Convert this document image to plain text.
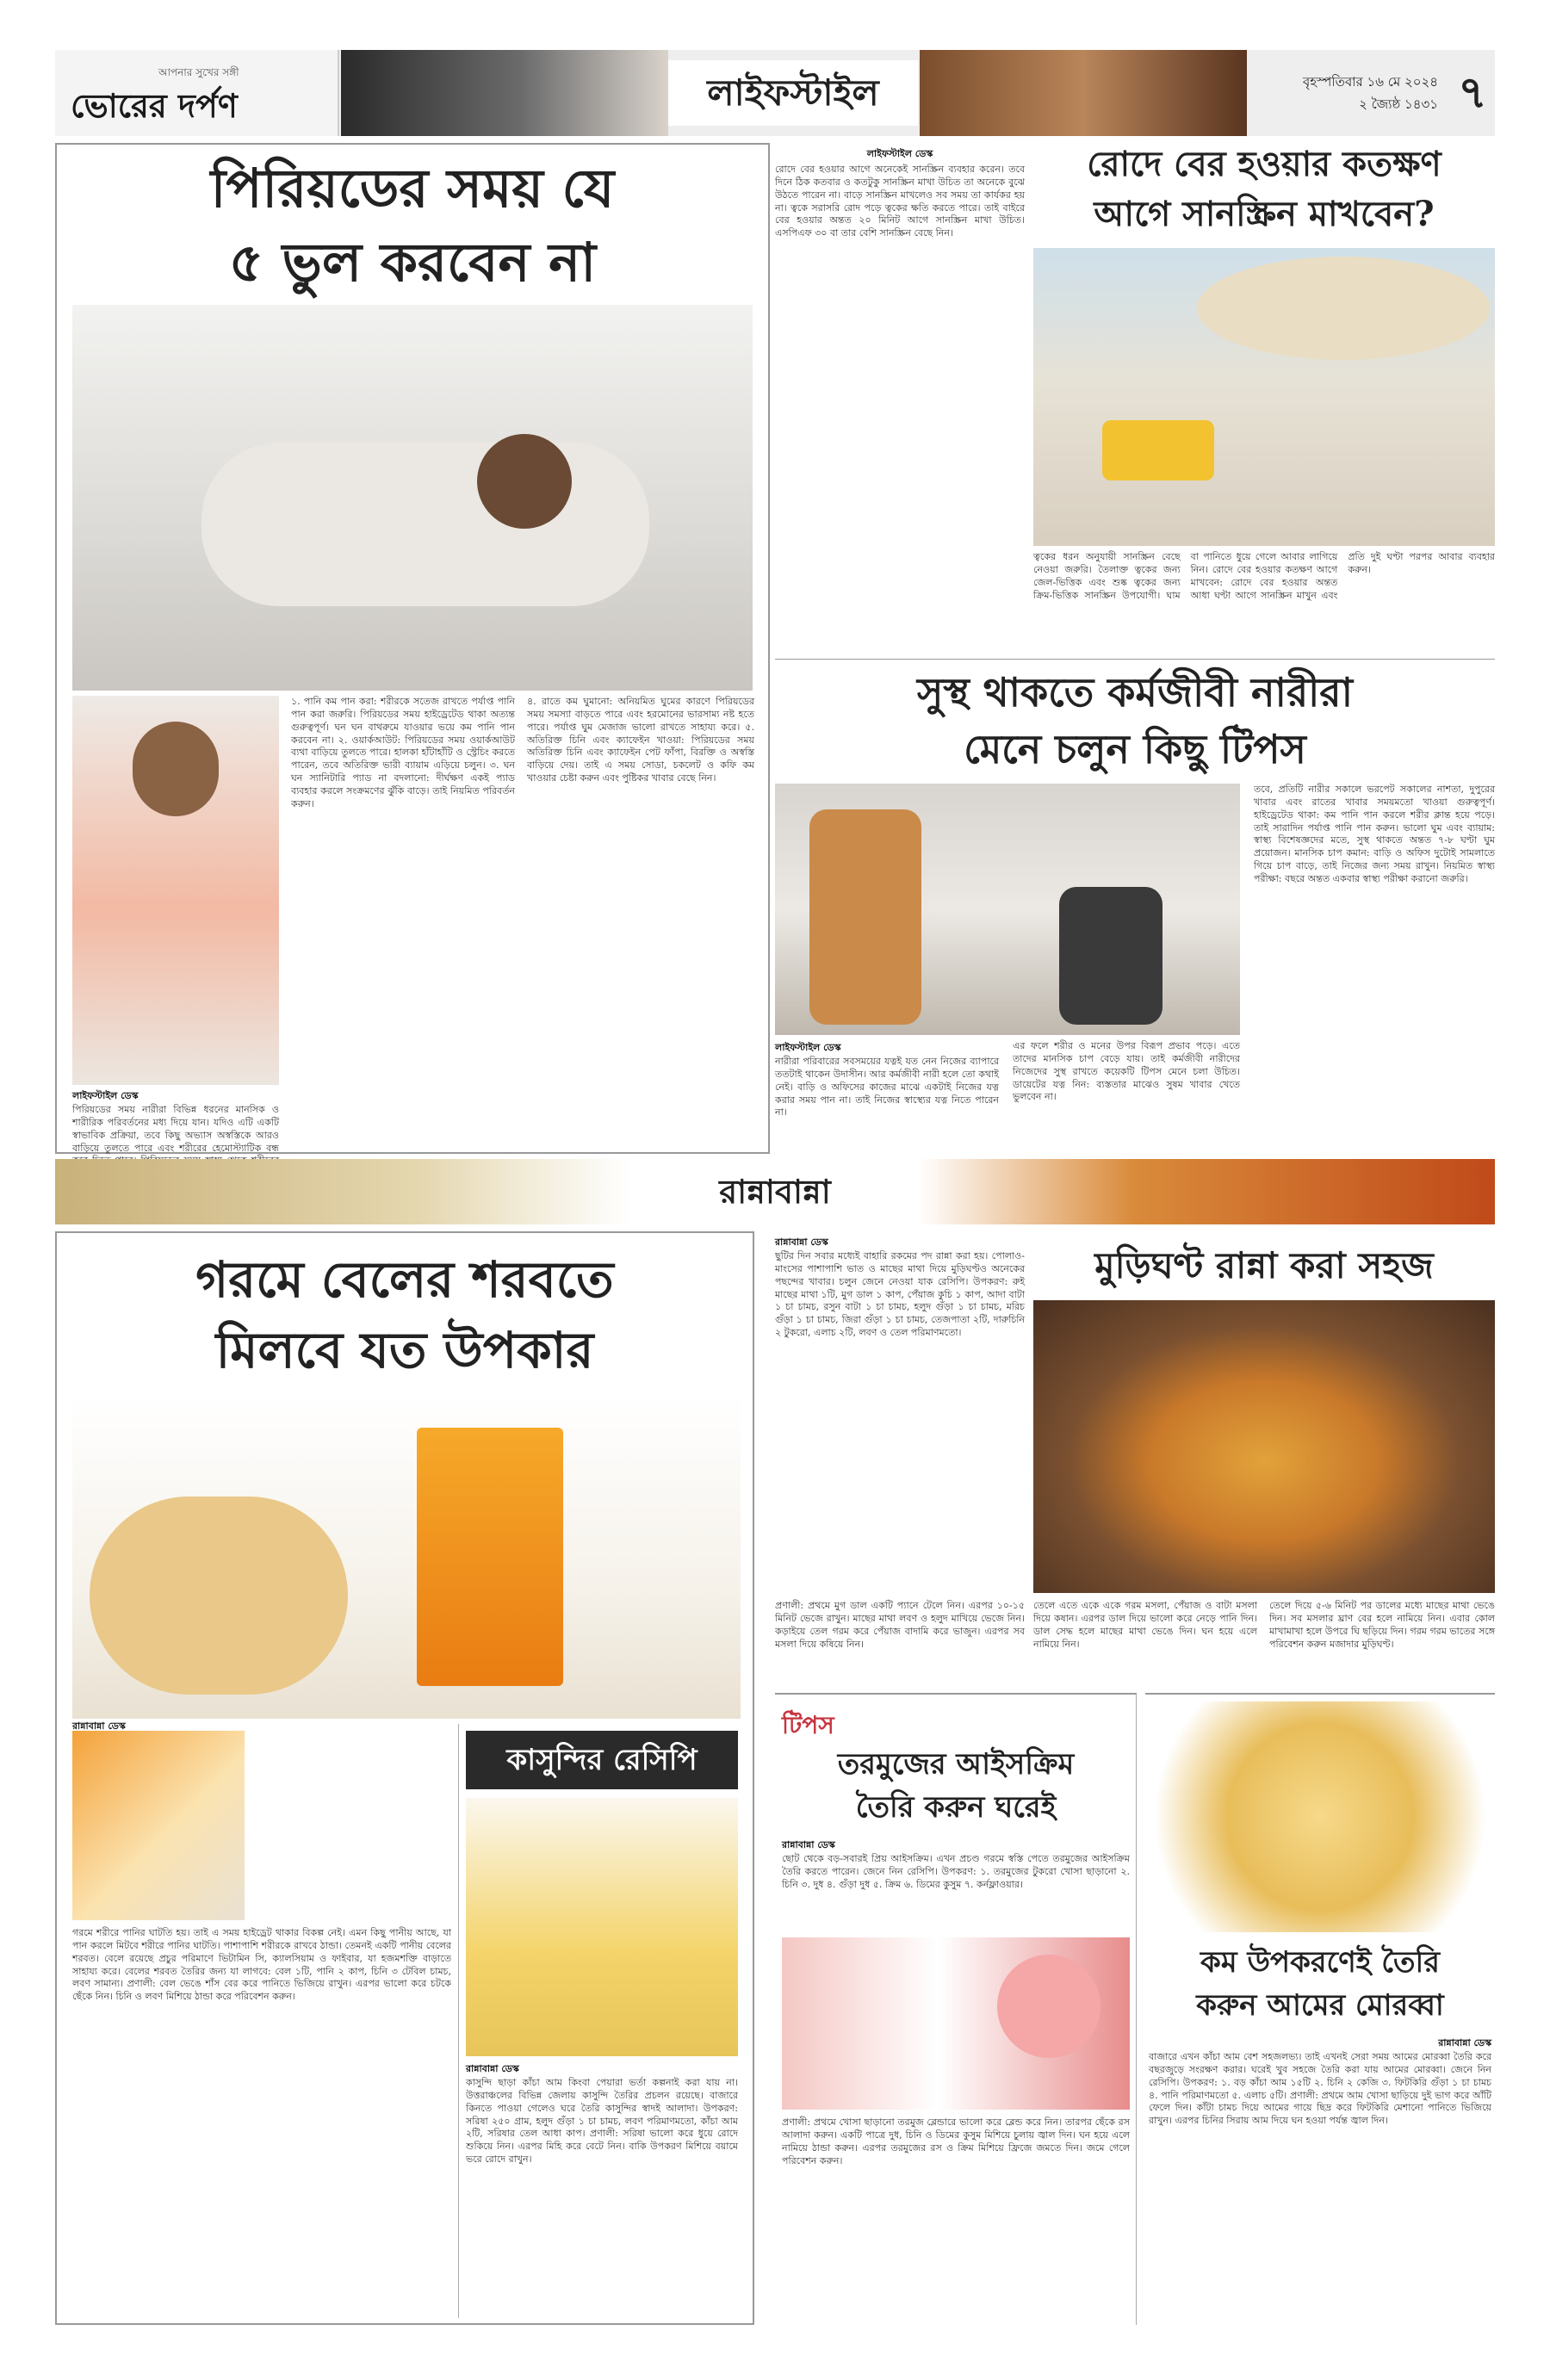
আপনার সুখের সঙ্গী
ভোরের দর্পণ	লাইফস্টাইল	বৃহস্পতিবার ১৬ মে ২০২৪
২ জ্যৈষ্ঠ ১৪৩১ ৭
পিরিয়ডের সময় যে
৫ ভুল করবেন না
লাইফস্টাইল ডেস্ক
পিরিয়ডের সময় নারীরা বিভিন্ন ধরনের মানসিক ও শারীরিক পরিবর্তনের মধ্য দিয়ে যান। যদিও এটি একটি স্বাভাবিক প্রক্রিয়া, তবে কিছু অভ্যাস অস্বস্তিকে আরও বাড়িয়ে তুলতে পারে এবং শরীরের হেমোস্ট্যাটিক বন্ধ
১. পানি কম পান করা: শরীরকে সতেজ রাখতে পর্যাপ্ত পানি পান করা জরুরি। পিরিয়ডের সময় হাইড্রেটেড থাকা অত্যন্ত গুরুত্বপূর্ণ। ঘন ঘন বাথরুমে যাওয়ার ভয়ে কম পানি পান করবেন না। ২. ওয়ার্কআউট: পিরিয়ডের সময় ওয়ার্কআউট ব্যথা বাড়িয়ে তুলতে পারে। হালকা হাঁটাহাঁটি ও স্ট্রেচিং করতে পারেন, তবে অতিরিক্ত ভারী ব্যায়াম এড়িয়ে চলুন। ৩. ঘন ঘন স্যানিটারি প্যাড না বদলানো: দীর্ঘক্ষণ একই প্যাড ব্যবহার করলে সংক্রমণের ঝুঁকি বাড়ে। তাই নিয়মিত পরিবর্তন করুন।
৪. রাতে কম ঘুমানো: অনিয়মিত ঘুমের কারণে পিরিয়ডের সময় সমস্যা বাড়তে পারে এবং হরমোনের ভারসাম্য নষ্ট হতে পারে। পর্যাপ্ত ঘুম মেজাজ ভালো রাখতে সাহায্য করে। ৫. অতিরিক্ত চিনি এবং ক্যাফেইন খাওয়া: পিরিয়ডের সময় অতিরিক্ত চিনি এবং ক্যাফেইন পেট ফাঁপা, বিরক্তি ও অস্বস্তি বাড়িয়ে দেয়। তাই এ সময় সোডা, চকলেট ও কফি কম খাওয়ার চেষ্টা করুন এবং পুষ্টিকর খাবার বেছে নিন।
লাইফস্টাইল ডেস্ক
রোদে বের হওয়ার আগে অনেকেই সানস্ক্রিন ব্যবহার করেন। তবে দিনে ঠিক কতবার ও কতটুকু সানস্ক্রিন মাখা উচিত তা অনেকে বুঝে উঠতে পারেন না। বাড়ে সানস্ক্রিন মাখলেও সব সময় তা কার্যকর হয় না। ত্বকে সরাসরি রোদ পড়ে ত্বকের ক্ষতি করতে পারে। তাই বাইরে বের হওয়ার অন্তত ২০ মিনিট আগে সানস্ক্রিন মাখা উচিত। এসপিএফ ৩০ বা তার বেশি সানস্ক্রিন বেছে নিন।
রোদে বের হওয়ার কতক্ষণ
আগে সানস্ক্রিন মাখবেন?
ত্বকের ধরন অনুযায়ী সানস্ক্রিন বেছে নেওয়া জরুরি। তৈলাক্ত ত্বকের জন্য জেল-ভিত্তিক এবং শুষ্ক ত্বকের জন্য ক্রিম-ভিত্তিক সানস্ক্রিন উপযোগী। ঘাম বা পানিতে ধুয়ে গেলে আবার লাগিয়ে নিন। রোদে বের হওয়ার কতক্ষণ আগে মাখবেন: রোদে বের হওয়ার অন্তত আধা ঘণ্টা আগে সানস্ক্রিন মাখুন এবং প্রতি দুই ঘণ্টা পরপর আবার ব্যবহার করুন।
সুস্থ থাকতে কর্মজীবী নারীরা
মেনে চলুন কিছু টিপস
লাইফস্টাইল ডেস্ক
নারীরা পরিবারের সবসময়ের যত্নই যত নেন নিজের ব্যাপারে ততটাই থাকেন উদাসীন। আর কর্মজীবী নারী হলে তো কথাই নেই। বাড়ি ও অফিসের কাজের মাঝে একটাই নিজের যত্ন করার সময় পান না। তাই নিজের স্বাস্থ্যের যত্ন নিতে পারেন না।
এর ফলে শরীর ও মনের উপর বিরূপ প্রভাব পড়ে। এতে তাদের মানসিক চাপ বেড়ে যায়। তাই কর্মজীবী নারীদের নিজেদের সুস্থ রাখতে কয়েকটি টিপস মেনে চলা উচিত। ডায়েটের যত্ন নিন: ব্যস্ততার মাঝেও সুষম খাবার খেতে ভুলবেন না।
তবে, প্রতিটি নারীর সকালে ভরপেট সকালের নাশতা, দুপুরের খাবার এবং রাতের খাবার সময়মতো খাওয়া গুরুত্বপূর্ণ। হাইড্রেটেড থাকা: কম পানি পান করলে শরীর ক্লান্ত হয়ে পড়ে। তাই সারাদিন পর্যাপ্ত পানি পান করুন। ভালো ঘুম এবং ব্যায়াম: স্বাস্থ্য বিশেষজ্ঞদের মতে, সুস্থ থাকতে অন্তত ৭-৮ ঘণ্টা ঘুম প্রয়োজন। মানসিক চাপ কমান: বাড়ি ও অফিস দুটোই সামলাতে গিয়ে চাপ বাড়ে, তাই নিজের জন্য সময় রাখুন। নিয়মিত স্বাস্থ্য পরীক্ষা: বছরে অন্তত একবার স্বাস্থ্য পরীক্ষা করানো জরুরি।
রান্নাবান্না
গরমে বেলের শরবতে
মিলবে যত উপকার
রান্নাবান্না ডেস্ক
গরমে শরীরে পানির ঘাটতি হয়। তাই এ সময় হাইড্রেট থাকার বিকল্প নেই। এমন কিছু পানীয় আছে, যা পান করলে মিটবে শরীরে পানির ঘাটতি। পাশাপাশি শরীরকে রাখবে ঠান্ডা। তেমনই একটি পানীয় বেলের শরবত। বেলে রয়েছে প্রচুর পরিমাণে ভিটামিন সি, ক্যালসিয়াম ও ফাইবার, যা হজমশক্তি বাড়াতে সাহায্য করে। বেলের শরবত তৈরির জন্য যা লাগবে: বেল ১টি, পানি ২ কাপ, চিনি ৩ টেবিল চামচ, লবণ সামান্য। প্রণালী: বেল ভেঙে শাঁস বের করে পানিতে ভিজিয়ে রাখুন। এরপর ভালো করে চটকে ছেঁকে নিন। চিনি ও লবণ মিশিয়ে ঠান্ডা করে পরিবেশন করুন।
কাসুন্দির রেসিপি
রান্নাবান্না ডেস্ক
কাসুন্দি ছাড়া কাঁচা আম কিংবা পেয়ারা ভর্তা কল্পনাই করা যায় না। উত্তরাঞ্চলের বিভিন্ন জেলায় কাসুন্দি তৈরির প্রচলন রয়েছে। বাজারে কিনতে পাওয়া গেলেও ঘরে তৈরি কাসুন্দির স্বাদই আলাদা। উপকরণ: সরিষা ২৫০ গ্রাম, হলুদ গুঁড়া ১ চা চামচ, লবণ পরিমাণমতো, কাঁচা আম ২টি, সরিষার তেল আধা কাপ। প্রণালী: সরিষা ভালো করে ধুয়ে রোদে শুকিয়ে নিন। এরপর মিহি করে বেটে নিন। বাকি উপকরণ মিশিয়ে বয়ামে ভরে রোদে রাখুন।
রান্নাবান্না ডেস্ক
ছুটির দিন সবার মধ্যেই বাহারি রকমের পদ রান্না করা হয়। পোলাও-মাংসের পাশাপাশি ভাত ও মাছের মাথা দিয়ে মুড়িঘণ্টও অনেকের পছন্দের খাবার। চলুন জেনে নেওয়া যাক রেসিপি। উপকরণ: রুই মাছের মাথা ১টি, মুগ ডাল ১ কাপ, পেঁয়াজ কুচি ১ কাপ, আদা বাটা ১ চা চামচ, রসুন বাটা ১ চা চামচ, হলুদ গুঁড়া ১ চা চামচ, মরিচ গুঁড়া ১ চা চামচ, জিরা গুঁড়া ১ চা চামচ, তেজপাতা ২টি, দারুচিনি ২ টুকরো, এলাচ ২টি, লবণ ও তেল পরিমাণমতো।
মুড়িঘণ্ট রান্না করা সহজ
প্রণালী: প্রথমে মুগ ডাল একটি প্যানে টেলে নিন। এরপর ১০-১৫ মিনিট ভেজে রাখুন। মাছের মাথা লবণ ও হলুদ মাখিয়ে ভেজে নিন। কড়াইয়ে তেল গরম করে পেঁয়াজ বাদামি করে ভাজুন। এরপর সব মসলা দিয়ে কষিয়ে নিন।
তেলে এতে একে একে গরম মসলা, পেঁয়াজ ও বাটা মসলা দিয়ে কষান। এরপর ডাল দিয়ে ভালো করে নেড়ে পানি দিন। ডাল সেদ্ধ হলে মাছের মাথা ভেঙে দিন। ঘন হয়ে এলে নামিয়ে নিন।
তেলে দিয়ে ৫-৬ মিনিট পর ডালের মধ্যে মাছের মাথা ভেঙে দিন। সব মসলার ঘ্রাণ বের হলে নামিয়ে নিন। এবার কোল মাখামাখা হলে উপরে ঘি ছড়িয়ে দিন। গরম গরম ভাতের সঙ্গে পরিবেশন করুন মজাদার মুড়িঘণ্ট।
টিপস
তরমুজের আইসক্রিম
তৈরি করুন ঘরেই
রান্নাবান্না ডেস্ক
ছোট থেকে বড়-সবারই প্রিয় আইসক্রিম। এখন প্রচণ্ড গরমে স্বস্তি পেতে তরমুজের আইসক্রিম তৈরি করতে পারেন। জেনে নিন রেসিপি। উপকরণ: ১. তরমুজের টুকরো খোসা ছাড়ানো ২. চিনি ৩. দুধ ৪. গুঁড়া দুধ ৫. ক্রিম ৬. ডিমের কুসুম ৭. কর্নফ্লাওয়ার।
প্রণালী: প্রথমে খোসা ছাড়ানো তরমুজ ব্লেন্ডারে ভালো করে ব্লেন্ড করে নিন। তারপর ছেঁকে রস আলাদা করুন। একটি পাত্রে দুধ, চিনি ও ডিমের কুসুম মিশিয়ে চুলায় জ্বাল দিন। ঘন হয়ে এলে নামিয়ে ঠান্ডা করুন। এরপর তরমুজের রস ও ক্রিম মিশিয়ে ফ্রিজে জমতে দিন। জমে গেলে পরিবেশন করুন।
কম উপকরণেই তৈরি
করুন আমের মোরব্বা
রান্নাবান্না ডেস্ক
বাজারে এখন কাঁচা আম বেশ সহজলভ্য। তাই এখনই সেরা সময় আমের মোরব্বা তৈরি করে বছরজুড়ে সংরক্ষণ করার। ঘরেই খুব সহজে তৈরি করা যায় আমের মোরব্বা। জেনে নিন রেসিপি। উপকরণ: ১. বড় কাঁচা আম ১৫টি ২. চিনি ২ কেজি ৩. ফিটকিরি গুঁড়া ১ চা চামচ ৪. পানি পরিমাণমতো ৫. এলাচ ৫টি। প্রণালী: প্রথমে আম খোসা ছাড়িয়ে দুই ভাগ করে আঁটি ফেলে দিন। কাঁটা চামচ দিয়ে আমের গায়ে ছিদ্র করে ফিটকিরি মেশানো পানিতে ভিজিয়ে রাখুন। এরপর চিনির সিরায় আম দিয়ে ঘন হওয়া পর্যন্ত জ্বাল দিন।
